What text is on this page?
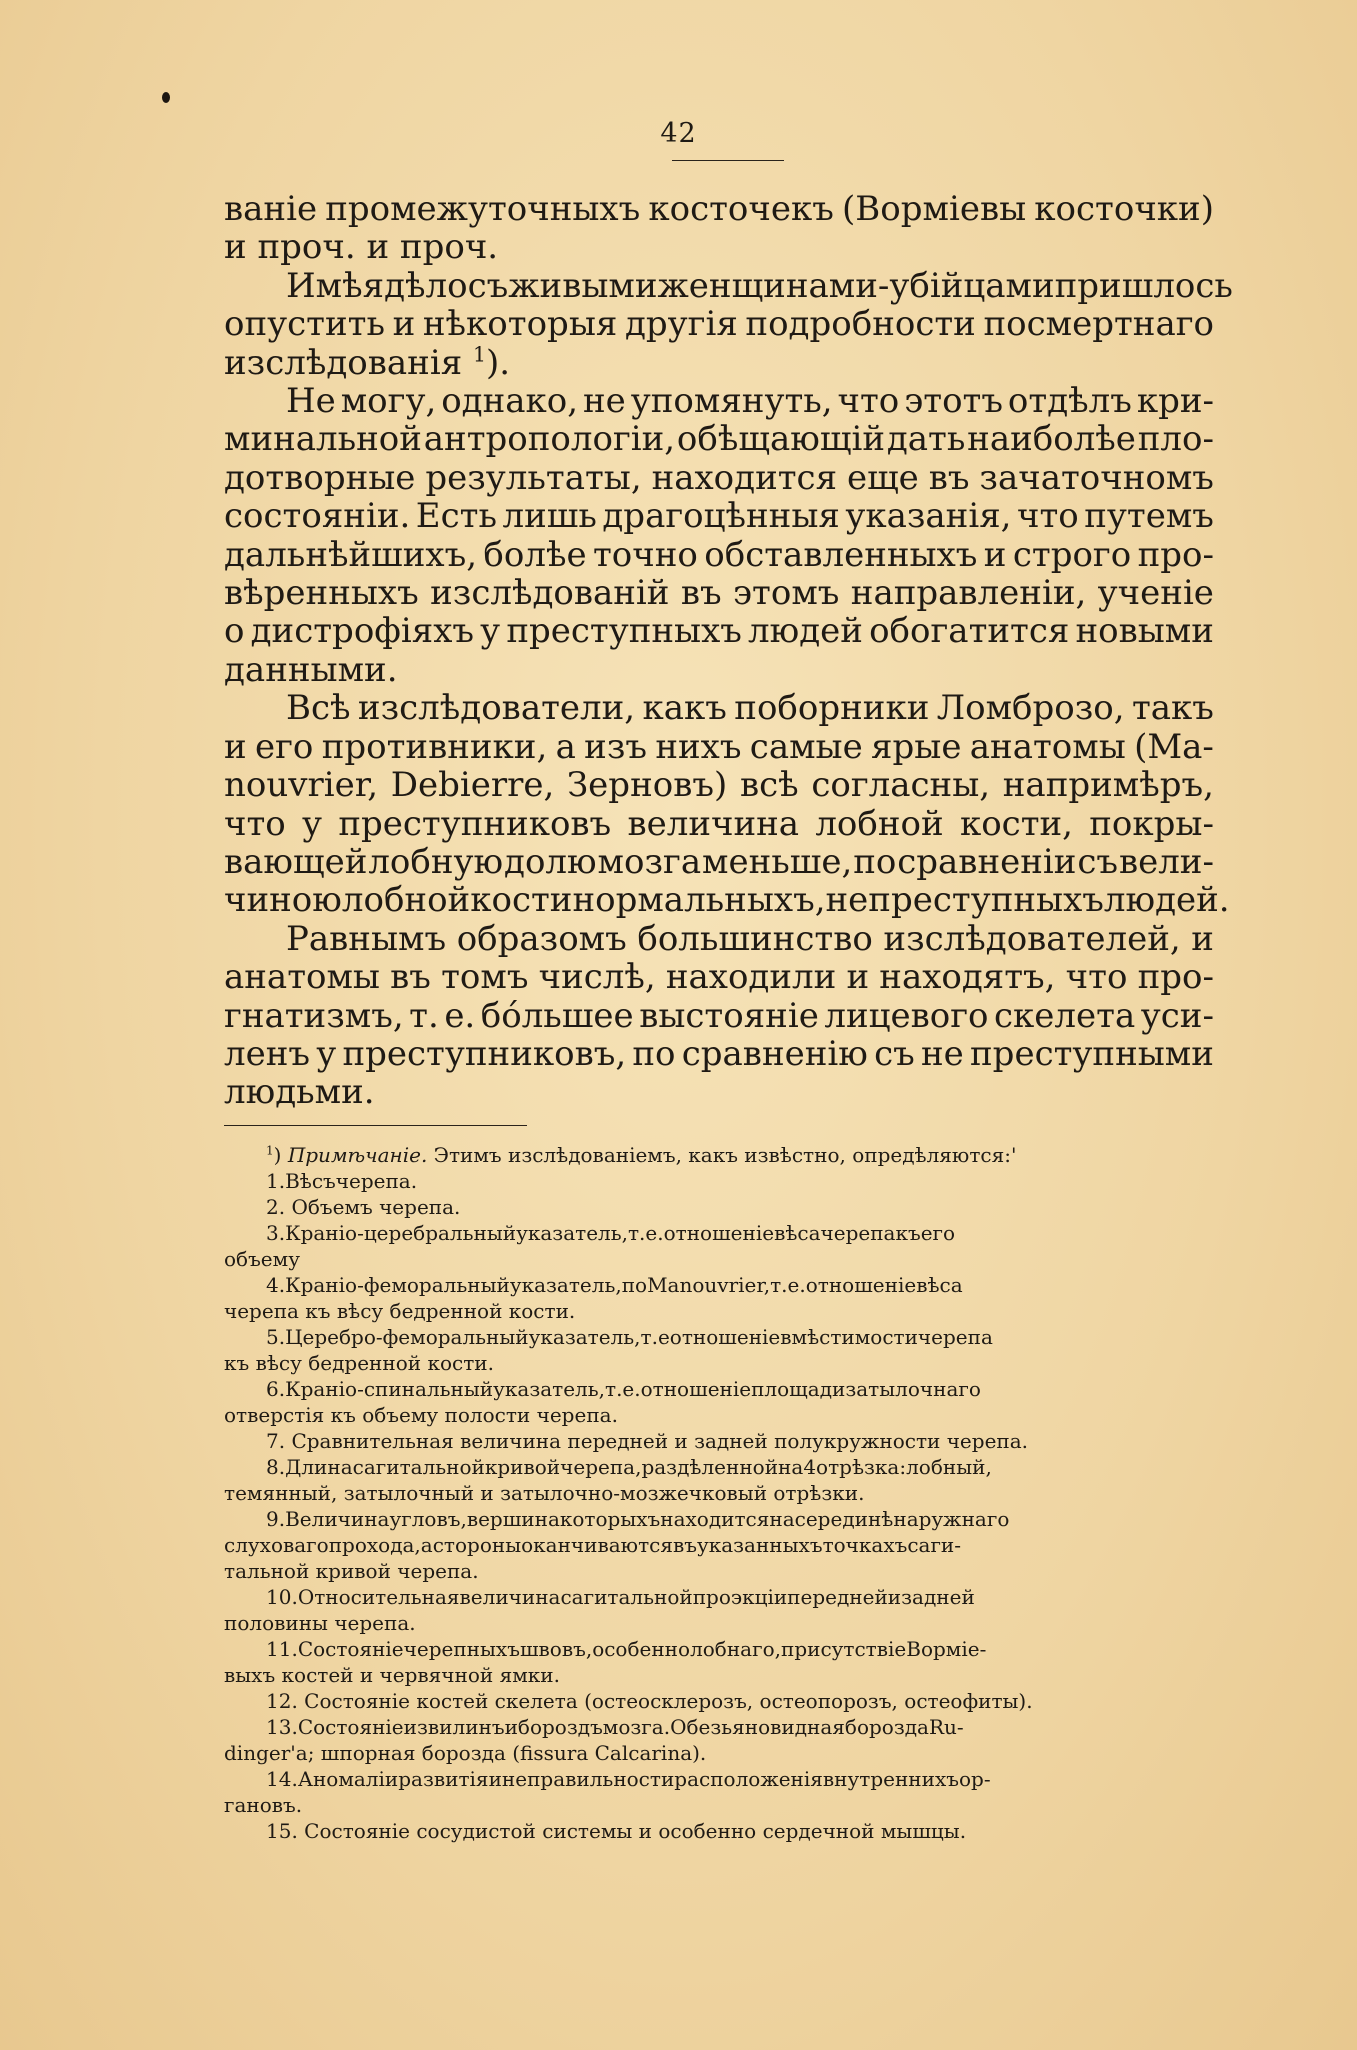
42
ваніе промежуточныхъ косточекъ (Ворміевы косточки)
и проч. и проч.
Имѣя дѣло съ живыми женщинами-убійцами пришлось
опустить и нѣкоторыя другія подробности посмертнаго
изслѣдованія $^1$).
Не могу, однако, не упомянуть, что этотъ отдѣлъ кри-
минальной антропологіи, обѣщающій дать наиболѣе пло-
дотворные результаты, находится еще въ зачаточномъ
состояніи. Есть лишь драгоцѣнныя указанія, что путемъ
дальнѣйшихъ, болѣе точно обставленныхъ и строго про-
вѣренныхъ изслѣдованій въ этомъ направленіи, ученіе
о дистрофіяхъ у преступныхъ людей обогатится новыми
данными.
Всѣ изслѣдователи, какъ поборники Ломброзо, такъ
и его противники, а изъ нихъ самые ярые анатомы (Ма-
nouvrier, Debierre, Зерновъ) всѣ согласны, напримѣръ,
что у преступниковъ величина лобной кости, покры-
вающей лобную долю мозга меньше, по сравненіи съ вели-
чиною лобной кости нормальныхъ, непреступныхъ людей.
Равнымъ образомъ большинство изслѣдователей, и
анатомы въ томъ числѣ, находили и находятъ, что про-
гнатизмъ, т. е. бóльшее выстояніе лицевого скелета уси-
ленъ у преступниковъ, по сравненію съ не преступными
людьми.
$^1$) Примѣчаніе. Этимъ изслѣдованіемъ, какъ извѣстно, опредѣляются:'
1.Вѣсъчерепа.
2. Объемъ черепа.
3.Краніо-церебральныйуказатель,т.е.отношеніевѣсачерепакъего
объему
4.Краніо-феморальныйуказатель,поManouvrier,т.е.отношеніевѣса
черепа къ вѣсу бедренной кости.
5.Церебро-феморальныйуказатель,т.еотношеніевмѣстимостичерепа
къ вѣсу бедренной кости.
6.Краніо-спинальныйуказатель,т.е.отношеніеплощадизатылочнаго
отверстія къ объему полости черепа.
7. Сравнительная величина передней и задней полукружности черепа.
8.Длинасагитальнойкривойчерепа,раздѣленнойна4отрѣзка:лобный,
темянный, затылочный и затылочно-мозжечковый отрѣзки.
9.Величинаугловъ,вершинакоторыхънаходитсянасерединѣнаружнаго
слуховагопрохода,астороныоканчиваютсявъуказанныхъточкахъсаги-
тальной кривой черепа.
10.Относительнаявеличинасагитальнойпроэкціипереднейизадней
половины черепа.
11.Состояніечерепныхъшвовъ,особеннолобнаго,присутствіеВорміе-
выхъ костей и червячной ямки.
12. Состояніе костей скелета (остеосклерозъ, остеопорозъ, остеофиты).
13.Состояніеизвилинъибороздъмозга.ОбезьяновиднаябороздаRu-
dinger'a; шпорная борозда (fissura Calcarina).
14.Аномаліиразвитіяинеправильностирасположеніявнутреннихъор-
гановъ.
15. Состояніе сосудистой системы и особенно сердечной мышцы.
